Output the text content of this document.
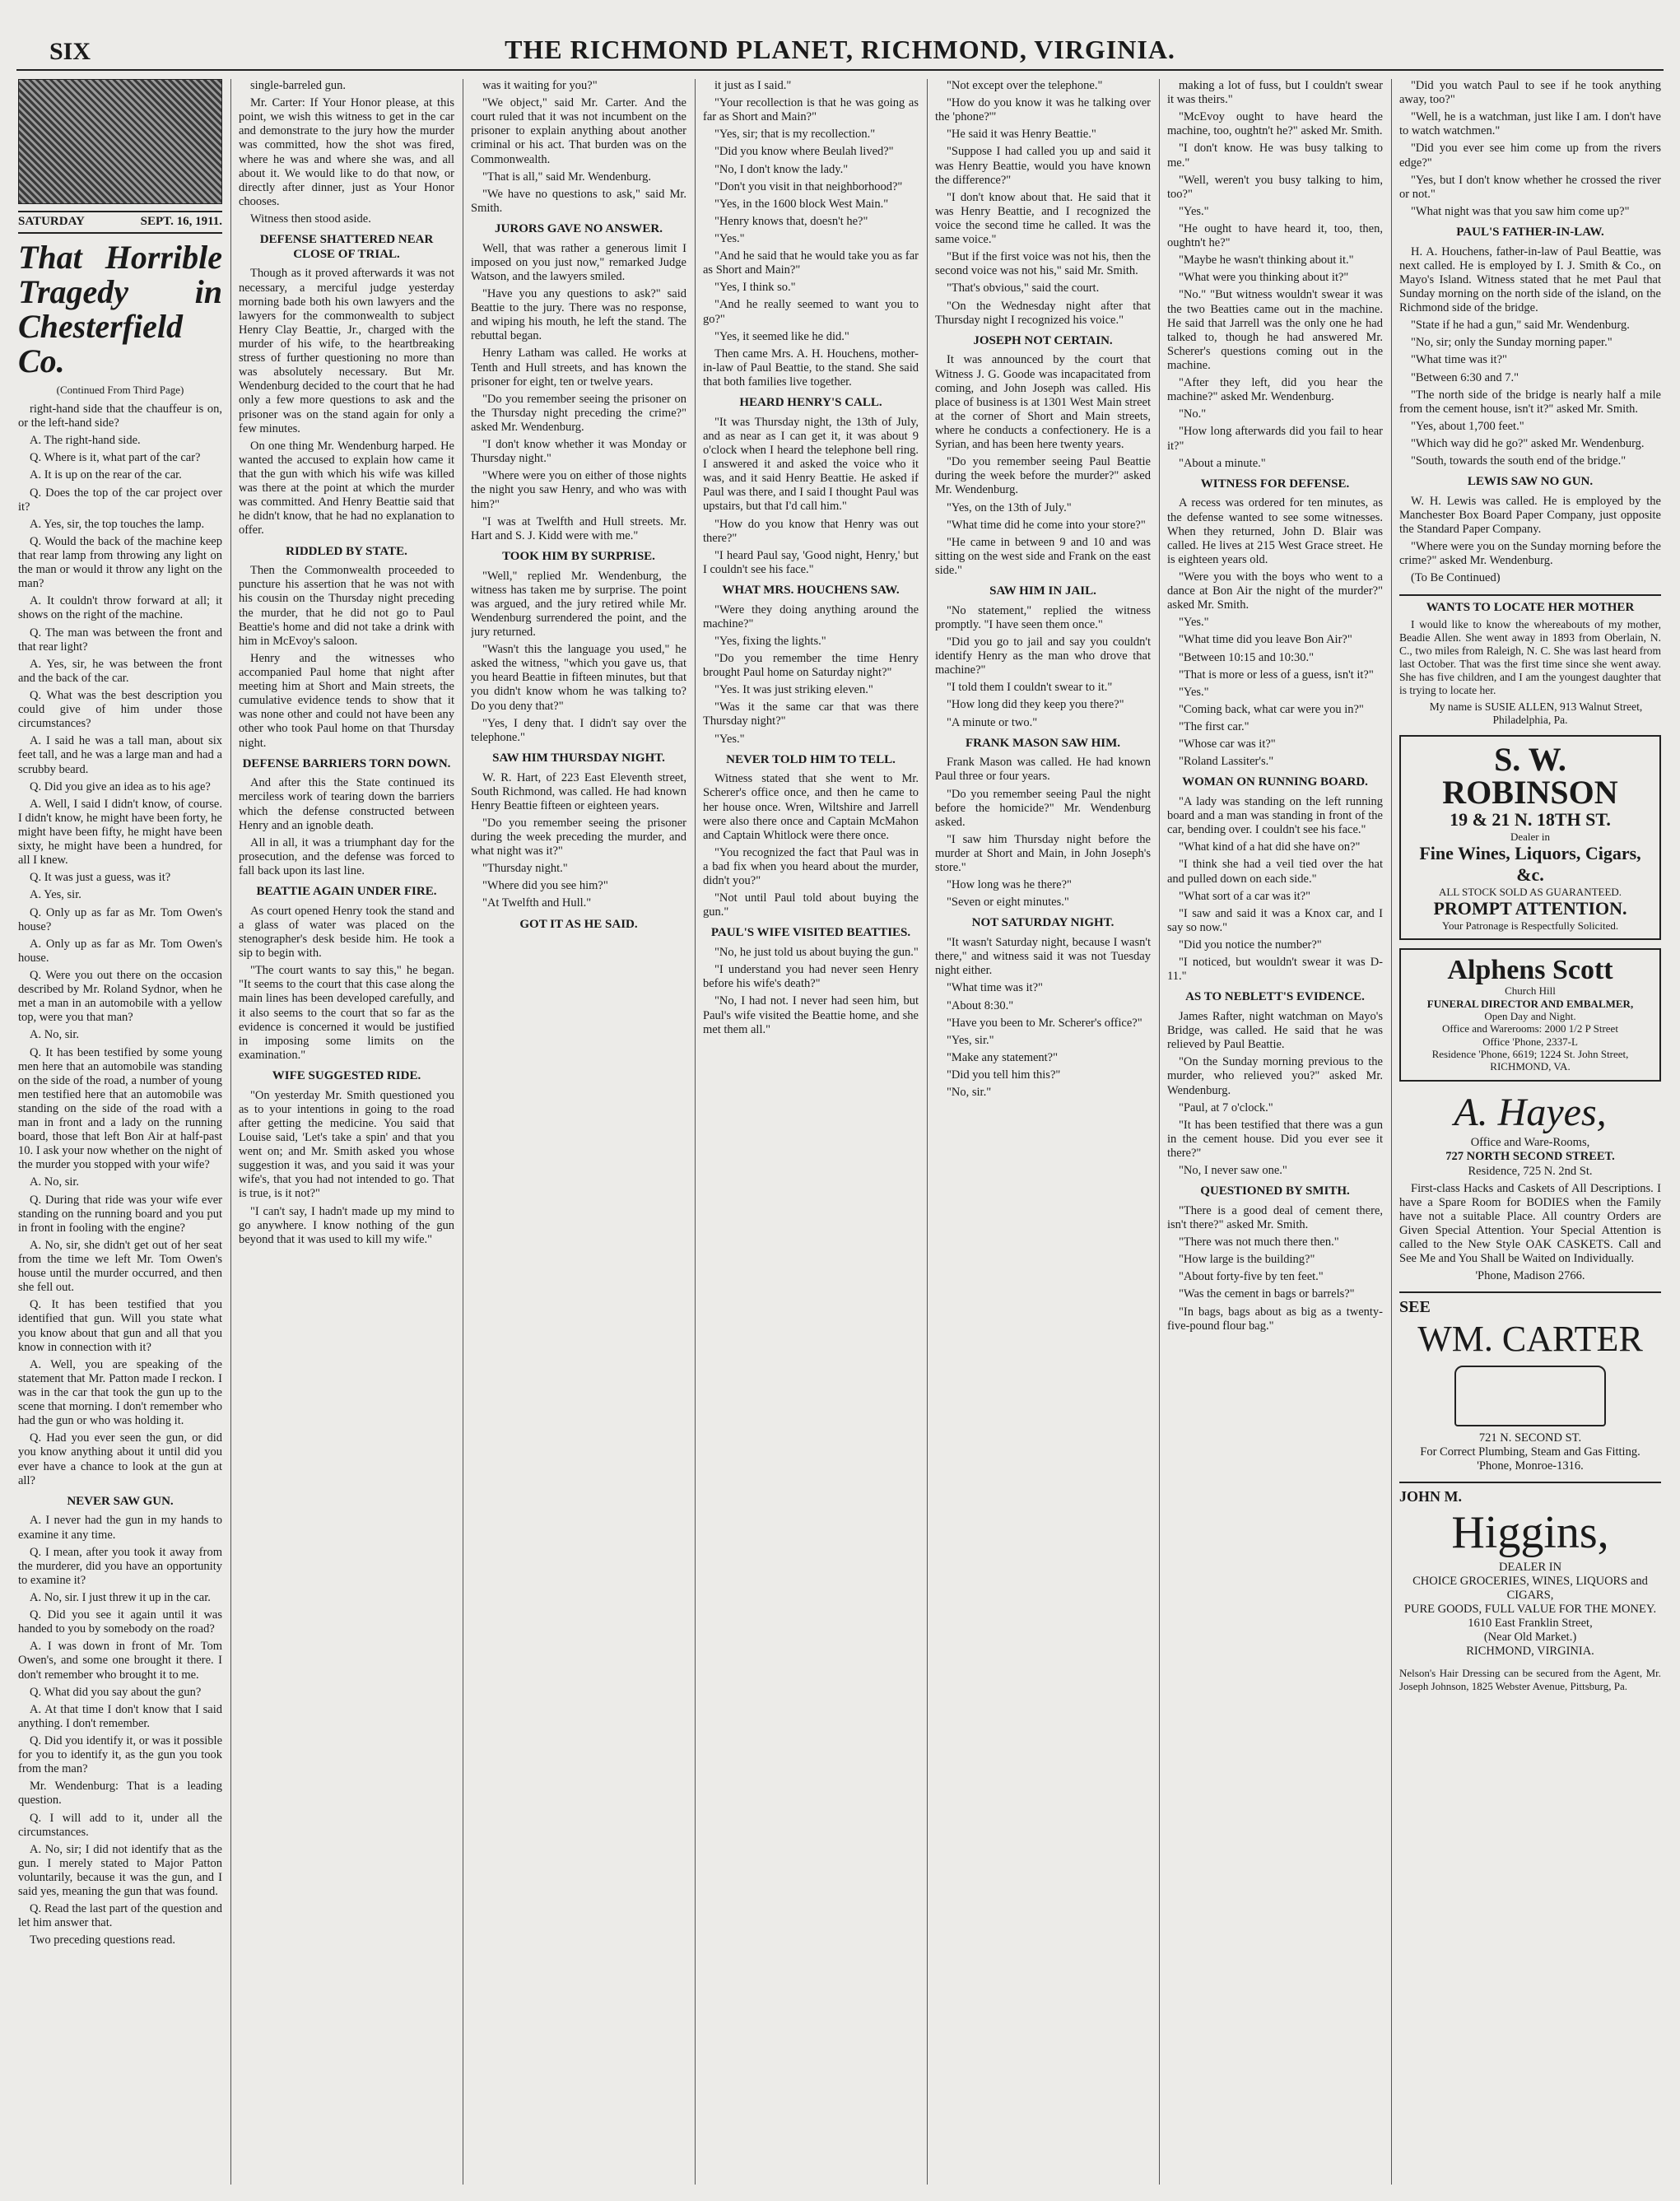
SIX	THE RICHMOND PLANET, RICHMOND, VIRGINIA.
SATURDAY	SEPT. 16, 1911.
That Horrible Tragedy in Chesterfield Co.
(Continued From Third Page)

right-hand side that the chauffeur is on, or the left-hand side?

A. The right-hand side.

Q. Where is it, what part of the car?

A. It is up on the rear of the car.

Q. Does the top of the car project over it?

A. Yes, sir, the top touches the lamp.

Q. Would the back of the machine keep that rear lamp from throwing any light on the man or would it throw any light on the man?

A. It couldn't throw forward at all; it shows on the right of the machine.

Q. The man was between the front and that rear light?

A. Yes, sir, he was between the front and the back of the car.

Q. What was the best description you could give of him under those circumstances?

A. I said he was a tall man, about six feet tall, and he was a large man and had a scrubby beard.

Q. Did you give an idea as to his age?

A. Well, I said I didn't know, of course. I didn't know, he might have been forty, he might have been fifty, he might have been sixty, he might have been a hundred, for all I knew.

Q. It was just a guess, was it?

A. Yes, sir.

Q. Only up as far as Mr. Tom Owen's house?

A. Only up as far as Mr. Tom Owen's house.

Q. Were you out there on the occasion described by Mr. Roland Sydnor, when he met a man in an automobile with a yellow top, were you that man?

A. No, sir.

Q. It has been testified by some young men here that an automobile was standing on the side of the road, a number of young men testified here that an automobile was standing on the side of the road with a man in front and a lady on the running board, those that left Bon Air at half-past 10. I ask your now whether on the night of the murder you stopped with your wife?

A. No, sir.

Q. During that ride was your wife ever standing on the running board and you put in front in fooling with the engine?

A. No, sir, she didn't get out of her seat from the time we left Mr. Tom Owen's house until the murder occurred, and then she fell out.

Q. It has been testified that you identified that gun. Will you state what you know about that gun and all that you know in connection with it?

A. Well, you are speaking of the statement that Mr. Patton made I reckon. I was in the car that took the gun up to the scene that morning. I don't remember who had the gun or who was holding it.

Q. Had you ever seen the gun, or did you know anything about it until did you ever have a chance to look at the gun at all?

NEVER SAW GUN.

A. I never had the gun in my hands to examine it any time.

Q. I mean, after you took it away from the murderer, did you have an opportunity to examine it?

A. No, sir. I just threw it up in the car.

Q. Did you see it again until it was handed to you by somebody on the road?

A. I was down in front of Mr. Tom Owen's, and some one brought it there. I don't remember who brought it to me.

Q. What did you say about the gun?

A. At that time I don't know that I said anything. I don't remember.

Q. Did you identify it, or was it possible for you to identify it, as the gun you took from the man?

Mr. Wendenburg: That is a leading question.

Q. I will add to it, under all the circumstances.

A. No, sir; I did not identify that as the gun. I merely stated to Major Patton voluntarily, because it was the gun, and I said yes, meaning the gun that was found.

Q. Read the last part of the question and let him answer that.

Two preceding questions read.

single-barreled gun.

Mr. Carter: If Your Honor please, at this point, we wish this witness to get in the car and demonstrate to the jury how the murder was committed, how the shot was fired, where he was and where she was, and all about it. We would like to do that now, or directly after dinner, just as Your Honor chooses.

Witness then stood aside.

DEFENSE SHATTERED NEAR CLOSE OF TRIAL.

Though as it proved afterwards it was not necessary, a merciful judge yesterday morning bade both his own lawyers and the lawyers for the commonwealth to subject Henry Clay Beattie, Jr., charged with the murder of his wife, to the heartbreaking stress of further questioning no more than was absolutely necessary. But Mr. Wendenburg decided to the court that he had only a few more questions to ask and the prisoner was on the stand again for only a few minutes.

On one thing Mr. Wendenburg harped. He wanted the accused to explain how came it that the gun with which his wife was killed was there at the point at which the murder was committed. And Henry Beattie said that he didn't know, that he had no explanation to offer.

RIDDLED BY STATE.

Then the Commonwealth proceeded to puncture his assertion that he was not with his cousin on the Thursday night preceding the murder, that he did not go to Paul Beattie's home and did not take a drink with him in McEvoy's saloon.

Henry and the witnesses who accompanied Paul home that night after meeting him at Short and Main streets, the cumulative evidence tends to show that it was none other and could not have been any other who took Paul home on that Thursday night.

DEFENSE BARRIERS TORN DOWN.

And after this the State continued its merciless work of tearing down the barriers which the defense constructed between Henry and an ignoble death.

All in all, it was a triumphant day for the prosecution, and the defense was forced to fall back upon its last line.

BEATTIE AGAIN UNDER FIRE.

As court opened Henry took the stand and a glass of water was placed on the stenographer's desk beside him. He took a sip to begin with.

"The court wants to say this," he began. "It seems to the court that this case along the main lines has been developed carefully, and it also seems to the court that so far as the evidence is concerned it would be justified in imposing some limits on the examination."

WIFE SUGGESTED RIDE.

"On yesterday Mr. Smith questioned you as to your intentions in going to the road after getting the medicine. You said that Louise said, 'Let's take a spin' and that you went on; and Mr. Smith asked you whose suggestion it was, and you said it was your wife's, that you had not intended to go. That is true, is it not?"

"I can't say, I hadn't made up my mind to go anywhere. I know nothing of the gun beyond that it was used to kill my wife."

was it waiting for you?"

"We object," said Mr. Carter. And the court ruled that it was not incumbent on the prisoner to explain anything about another criminal or his act. That burden was on the Commonwealth.

"That is all," said Mr. Wendenburg.

"We have no questions to ask," said Mr. Smith.

JURORS GAVE NO ANSWER.

Well, that was rather a generous limit I imposed on you just now," remarked Judge Watson, and the lawyers smiled.

"Have you any questions to ask?" said Beattie to the jury. There was no response, and wiping his mouth, he left the stand. The rebuttal began.

Henry Latham was called. He works at Tenth and Hull streets, and has known the prisoner for eight, ten or twelve years.

"Do you remember seeing the prisoner on the Thursday night preceding the crime?" asked Mr. Wendenburg.

"I don't know whether it was Monday or Thursday night."

"Where were you on either of those nights the night you saw Henry, and who was with him?"

"I was at Twelfth and Hull streets. Mr. Hart and S. J. Kidd were with me."

TOOK HIM BY SURPRISE.

"Well," replied Mr. Wendenburg, the witness has taken me by surprise. The point was argued, and the jury retired while Mr. Wendenburg surrendered the point, and the jury returned.

"Wasn't this the language you used," he asked the witness, "which you gave us, that you heard Beattie in fifteen minutes, but that you didn't know whom he was talking to? Do you deny that?"

"Yes, I deny that. I didn't say over the telephone."

SAW HIM THURSDAY NIGHT.

W. R. Hart, of 223 East Eleventh street, South Richmond, was called. He had known Henry Beattie fifteen or eighteen years.

"Do you remember seeing the prisoner during the week preceding the murder, and what night was it?"

"Thursday night."

"Where did you see him?"

"At Twelfth and Hull."

GOT IT AS HE SAID.

it just as I said."

"Your recollection is that he was going as far as Short and Main?"

"Yes, sir; that is my recollection."

"Did you know where Beulah lived?"

"No, I don't know the lady."

"Don't you visit in that neighborhood?"

"Yes, in the 1600 block West Main."

"Henry knows that, doesn't he?"

"Yes."

"And he said that he would take you as far as Short and Main?"

"Yes, I think so."

"And he really seemed to want you to go?"

"Yes, it seemed like he did."

Then came Mrs. A. H. Houchens, mother-in-law of Paul Beattie, to the stand. She said that both families live together.

HEARD HENRY'S CALL.

"It was Thursday night, the 13th of July, and as near as I can get it, it was about 9 o'clock when I heard the telephone bell ring. I answered it and asked the voice who it was, and it said Henry Beattie. He asked if Paul was there, and I said I thought Paul was upstairs, but that I'd call him."

"How do you know that Henry was out there?"

"I heard Paul say, 'Good night, Henry,' but I couldn't see his face."

WHAT MRS. HOUCHENS SAW.

"Were they doing anything around the machine?"

"Yes, fixing the lights."

"Do you remember the time Henry brought Paul home on Saturday night?"

"Yes. It was just striking eleven."

"Was it the same car that was there Thursday night?"

"Yes."

NEVER TOLD HIM TO TELL.

Witness stated that she went to Mr. Scherer's office once, and then he came to her house once. Wren, Wiltshire and Jarrell were also there once and Captain McMahon and Captain Whitlock were there once.

"You recognized the fact that Paul was in a bad fix when you heard about the murder, didn't you?"

"Not until Paul told about buying the gun."

PAUL'S WIFE VISITED BEATTIES.

"No, he just told us about buying the gun."

"I understand you had never seen Henry before his wife's death?"

"No, I had not. I never had seen him, but Paul's wife visited the Beattie home, and she met them all."

"Not except over the telephone."

"How do you know it was he talking over the 'phone?'"

"He said it was Henry Beattie."

"Suppose I had called you up and said it was Henry Beattie, would you have known the difference?"

"I don't know about that. He said that it was Henry Beattie, and I recognized the voice the second time he called. It was the same voice."

"But if the first voice was not his, then the second voice was not his," said Mr. Smith.

"That's obvious," said the court.

"On the Wednesday night after that Thursday night I recognized his voice."

JOSEPH NOT CERTAIN.

It was announced by the court that Witness J. G. Goode was incapacitated from coming, and John Joseph was called. His place of business is at 1301 West Main street at the corner of Short and Main streets, where he conducts a confectionery. He is a Syrian, and has been here twenty years.

"Do you remember seeing Paul Beattie during the week before the murder?" asked Mr. Wendenburg.

"Yes, on the 13th of July."

"What time did he come into your store?"

"He came in between 9 and 10 and was sitting on the west side and Frank on the east side."

SAW HIM IN JAIL.

"No statement," replied the witness promptly. "I have seen them once."

"Did you go to jail and say you couldn't identify Henry as the man who drove that machine?"

"I told them I couldn't swear to it."

"How long did they keep you there?"

"A minute or two."

FRANK MASON SAW HIM.

Frank Mason was called. He had known Paul three or four years.

"Do you remember seeing Paul the night before the homicide?" Mr. Wendenburg asked.

"I saw him Thursday night before the murder at Short and Main, in John Joseph's store."

"How long was he there?"

"Seven or eight minutes."

NOT SATURDAY NIGHT.

"It wasn't Saturday night, because I wasn't there," and witness said it was not Tuesday night either.

"What time was it?"

"About 8:30."

"Have you been to Mr. Scherer's office?"

"Yes, sir."

"Make any statement?"

"Did you tell him this?"

"No, sir."

making a lot of fuss, but I couldn't swear it was theirs."

"McEvoy ought to have heard the machine, too, oughtn't he?" asked Mr. Smith.

"I don't know. He was busy talking to me."

"Well, weren't you busy talking to him, too?"

"Yes."

"He ought to have heard it, too, then, oughtn't he?"

"Maybe he wasn't thinking about it."

"What were you thinking about it?"

"No." "But witness wouldn't swear it was the two Beatties came out in the machine. He said that Jarrell was the only one he had talked to, though he had answered Mr. Scherer's questions coming out in the machine.

"After they left, did you hear the machine?" asked Mr. Wendenburg.

"No."

"How long afterwards did you fail to hear it?"

"About a minute."

WITNESS FOR DEFENSE.

A recess was ordered for ten minutes, as the defense wanted to see some witnesses. When they returned, John D. Blair was called. He lives at 215 West Grace street. He is eighteen years old.

"Were you with the boys who went to a dance at Bon Air the night of the murder?" asked Mr. Smith.

"Yes."

"What time did you leave Bon Air?"

"Between 10:15 and 10:30."

"That is more or less of a guess, isn't it?"

"Yes."

"Coming back, what car were you in?"

"The first car."

"Whose car was it?"

"Roland Lassiter's."

WOMAN ON RUNNING BOARD.

"A lady was standing on the left running board and a man was standing in front of the car, bending over. I couldn't see his face."

"What kind of a hat did she have on?"

"I think she had a veil tied over the hat and pulled down on each side."

"What sort of a car was it?"

"I saw and said it was a Knox car, and I say so now."

"Did you notice the number?"

"I noticed, but wouldn't swear it was D-11."

AS TO NEBLETT'S EVIDENCE.

James Rafter, night watchman on Mayo's Bridge, was called. He said that he was relieved by Paul Beattie.

"On the Sunday morning previous to the murder, who relieved you?" asked Mr. Wendenburg.

"Paul, at 7 o'clock."

"It has been testified that there was a gun in the cement house. Did you ever see it there?"

"No, I never saw one."

QUESTIONED BY SMITH.

"There is a good deal of cement there, isn't there?" asked Mr. Smith.

"There was not much there then."

"How large is the building?"

"About forty-five by ten feet."

"Was the cement in bags or barrels?"

"In bags, bags about as big as a twenty-five-pound flour bag."

"Did you watch Paul to see if he took anything away, too?"

"Well, he is a watchman, just like I am. I don't have to watch watchmen."

"Did you ever see him come up from the rivers edge?"

"Yes, but I don't know whether he crossed the river or not."

"What night was that you saw him come up?"

PAUL'S FATHER-IN-LAW.

H. A. Houchens, father-in-law of Paul Beattie, was next called. He is employed by I. J. Smith & Co., on Mayo's Island. Witness stated that he met Paul that Sunday morning on the north side of the island, on the Richmond side of the bridge.

"State if he had a gun," said Mr. Wendenburg.

"No, sir; only the Sunday morning paper."

"What time was it?"

"Between 6:30 and 7."

"The north side of the bridge is nearly half a mile from the cement house, isn't it?" asked Mr. Smith.

"Yes, about 1,700 feet."

"Which way did he go?" asked Mr. Wendenburg.

"South, towards the south end of the bridge."

LEWIS SAW NO GUN.

W. H. Lewis was called. He is employed by the Manchester Box Board Paper Company, just opposite the Standard Paper Company.

"Where were you on the Sunday morning before the crime?" asked Mr. Wendenburg.

(To Be Continued)

WANTS TO LOCATE HER MOTHER

I would like to know the whereabouts of my mother, Beadie Allen. She went away in 1893 from Oberlain, N. C., two miles from Raleigh, N. C. She was last heard from last October. That was the first time since she went away. She has five children, and I am the youngest daughter that is trying to locate her.

My name is SUSIE ALLEN, 913 Walnut Street, Philadelphia, Pa.

S. W. ROBINSON
19 & 21 N. 18TH ST.
Dealer in
Fine Wines, Liquors, Cigars, &c.
ALL STOCK SOLD AS GUARANTEED.
PROMPT ATTENTION.
Your Patronage is Respectfully Solicited.
Alphens Scott
Church Hill
FUNERAL DIRECTOR AND EMBALMER,
Open Day and Night.
Office and Warerooms: 2000 1/2 P Street
Office 'Phone, 2337-L
Residence 'Phone, 6619; 1224 St. John Street, RICHMOND, VA.
A. Hayes,
Office and Ware-Rooms,
727 NORTH SECOND STREET.
Residence, 725 N. 2nd St.

First-class Hacks and Caskets of All Descriptions. I have a Spare Room for BODIES when the Family have not a suitable Place. All country Orders are Given Special Attention. Your Special Attention is called to the New Style OAK CASKETS. Call and See Me and You Shall be Waited on Individually.

'Phone, Madison 2766.
SEE
WM. CARTER
721 N. SECOND ST.
For Correct Plumbing, Steam and Gas Fitting.
'Phone, Monroe-1316.
JOHN M.
Higgins,
DEALER IN
CHOICE GROCERIES, WINES, LIQUORS and CIGARS,
PURE GOODS, FULL VALUE FOR THE MONEY.
1610 East Franklin Street,
(Near Old Market.)
RICHMOND, VIRGINIA.

Nelson's Hair Dressing can be secured from the Agent, Mr. Joseph Johnson, 1825 Webster Avenue, Pittsburg, Pa.
